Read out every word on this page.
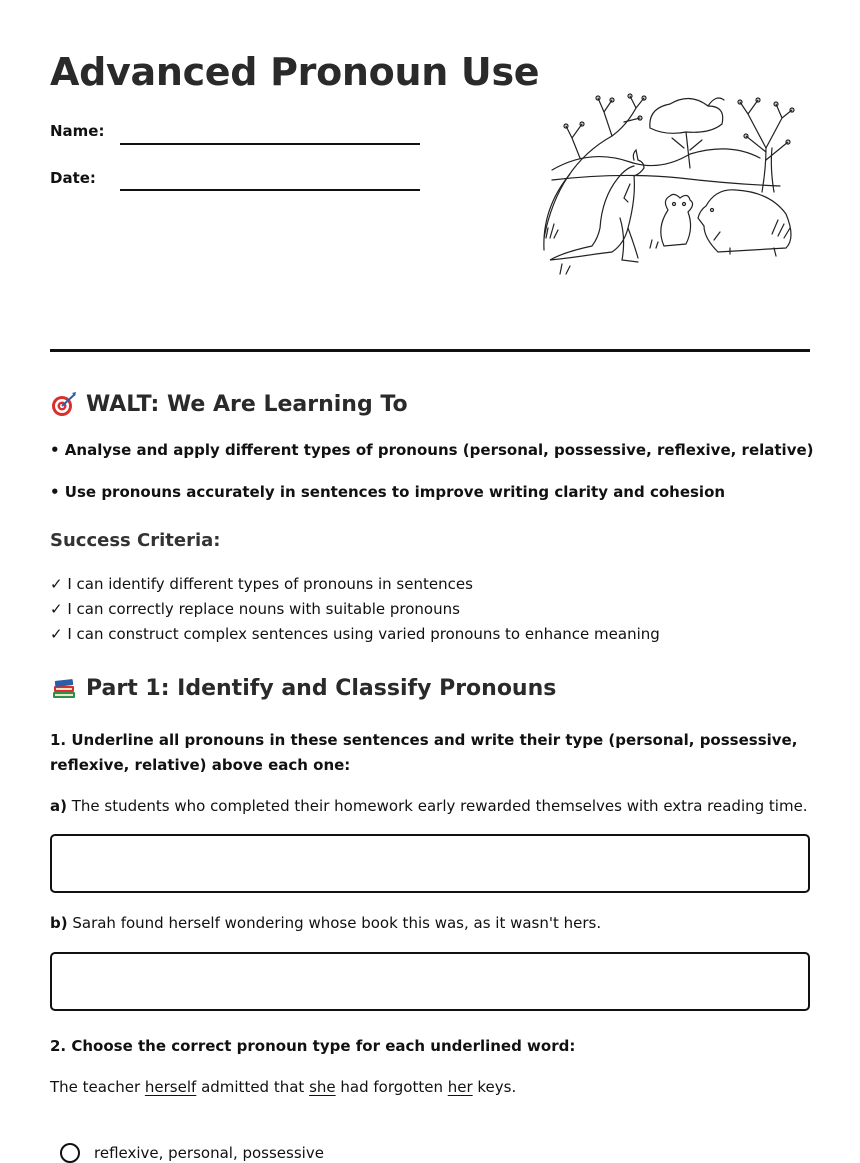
Advanced Pronoun Use
Name:
Date:
WALT: We Are Learning To
• Analyse and apply different types of pronouns (personal, possessive, reflexive, relative)
• Use pronouns accurately in sentences to improve writing clarity and cohesion
Success Criteria:
✓ I can identify different types of pronouns in sentences
✓ I can correctly replace nouns with suitable pronouns
✓ I can construct complex sentences using varied pronouns to enhance meaning
Part 1: Identify and Classify Pronouns
1. Underline all pronouns in these sentences and write their type (personal, possessive, reflexive, relative) above each one:
a) The students who completed their homework early rewarded themselves with extra reading time.
b) Sarah found herself wondering whose book this was, as it wasn't hers.
2. Choose the correct pronoun type for each underlined word:
The teacher herself admitted that she had forgotten her keys.
reflexive, personal, possessive
